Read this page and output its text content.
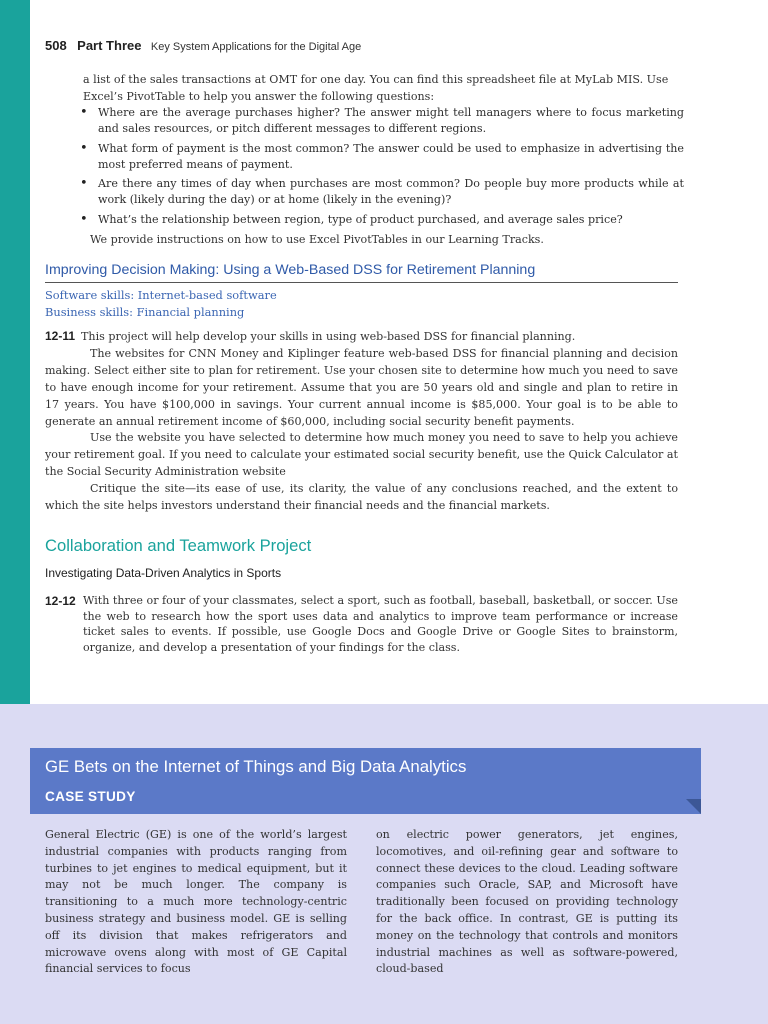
508 Part Three Key System Applications for the Digital Age
a list of the sales transactions at OMT for one day. You can find this spreadsheet file at MyLab MIS. Use Excel’s PivotTable to help you answer the following questions:
• Where are the average purchases higher? The answer might tell managers where to focus marketing and sales resources, or pitch different messages to different regions.
• What form of payment is the most common? The answer could be used to emphasize in advertising the most preferred means of payment.
• Are there any times of day when purchases are most common? Do people buy more products while at work (likely during the day) or at home (likely in the evening)?
• What’s the relationship between region, type of product purchased, and average sales price?
We provide instructions on how to use Excel PivotTables in our Learning Tracks.
Improving Decision Making: Using a Web-Based DSS for Retirement Planning
Software skills: Internet-based software
Business skills: Financial planning
12-11 This project will help develop your skills in using web-based DSS for financial planning.
The websites for CNN Money and Kiplinger feature web-based DSS for financial planning and decision making. Select either site to plan for retirement. Use your chosen site to determine how much you need to save to have enough income for your retirement. Assume that you are 50 years old and single and plan to retire in 17 years. You have $100,000 in savings. Your current annual income is $85,000. Your goal is to be able to generate an annual retirement income of $60,000, including social security benefit payments.
Use the website you have selected to determine how much money you need to save to help you achieve your retirement goal. If you need to calculate your estimated social security benefit, use the Quick Calculator at the Social Security Administration website
Critique the site—its ease of use, its clarity, the value of any conclusions reached, and the extent to which the site helps investors understand their financial needs and the financial markets.
Collaboration and Teamwork Project
Investigating Data-Driven Analytics in Sports
12-12 With three or four of your classmates, select a sport, such as football, baseball, basketball, or soccer. Use the web to research how the sport uses data and analytics to improve team performance or increase ticket sales to events. If possible, use Google Docs and Google Drive or Google Sites to brainstorm, organize, and develop a presentation of your findings for the class.
GE Bets on the Internet of Things and Big Data Analytics
CASE STUDY
General Electric (GE) is one of the world’s largest industrial companies with products ranging from turbines to jet engines to medical equipment, but it may not be much longer. The company is transitioning to a much more technology-centric business strategy and business model. GE is selling off its division that makes refrigerators and microwave ovens along with most of GE Capital financial services to focus
on electric power generators, jet engines, locomotives, and oil-refining gear and software to connect these devices to the cloud. Leading software companies such Oracle, SAP, and Microsoft have traditionally been focused on providing technology for the back office. In contrast, GE is putting its money on the technology that controls and monitors industrial machines as well as software-powered, cloud-based
